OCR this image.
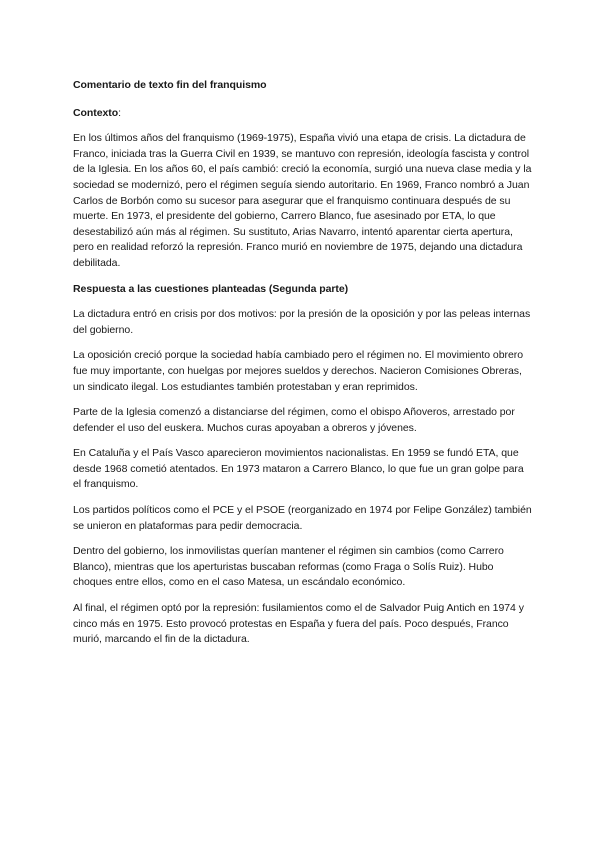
Comentario de texto fin del franquismo
Contexto:

En los últimos años del franquismo (1969-1975), España vivió una etapa de crisis. La dictadura de Franco, iniciada tras la Guerra Civil en 1939, se mantuvo con represión, ideología fascista y control de la Iglesia. En los años 60, el país cambió: creció la economía, surgió una nueva clase media y la sociedad se modernizó, pero el régimen seguía siendo autoritario. En 1969, Franco nombró a Juan Carlos de Borbón como su sucesor para asegurar que el franquismo continuara después de su muerte. En 1973, el presidente del gobierno, Carrero Blanco, fue asesinado por ETA, lo que desestabilizó aún más al régimen. Su sustituto, Arias Navarro, intentó aparentar cierta apertura, pero en realidad reforzó la represión. Franco murió en noviembre de 1975, dejando una dictadura debilitada.

Respuesta a las cuestiones planteadas (Segunda parte)

La dictadura entró en crisis por dos motivos: por la presión de la oposición y por las peleas internas del gobierno.

La oposición creció porque la sociedad había cambiado pero el régimen no. El movimiento obrero fue muy importante, con huelgas por mejores sueldos y derechos. Nacieron Comisiones Obreras, un sindicato ilegal. Los estudiantes también protestaban y eran reprimidos.

Parte de la Iglesia comenzó a distanciarse del régimen, como el obispo Añoveros, arrestado por defender el uso del euskera. Muchos curas apoyaban a obreros y jóvenes.

En Cataluña y el País Vasco aparecieron movimientos nacionalistas. En 1959 se fundó ETA, que desde 1968 cometió atentados. En 1973 mataron a Carrero Blanco, lo que fue un gran golpe para el franquismo.

Los partidos políticos como el PCE y el PSOE (reorganizado en 1974 por Felipe González) también se unieron en plataformas para pedir democracia.

Dentro del gobierno, los inmovilistas querían mantener el régimen sin cambios (como Carrero Blanco), mientras que los aperturistas buscaban reformas (como Fraga o Solís Ruiz). Hubo choques entre ellos, como en el caso Matesa, un escándalo económico.

Al final, el régimen optó por la represión: fusilamientos como el de Salvador Puig Antich en 1974 y cinco más en 1975. Esto provocó protestas en España y fuera del país. Poco después, Franco murió, marcando el fin de la dictadura.
